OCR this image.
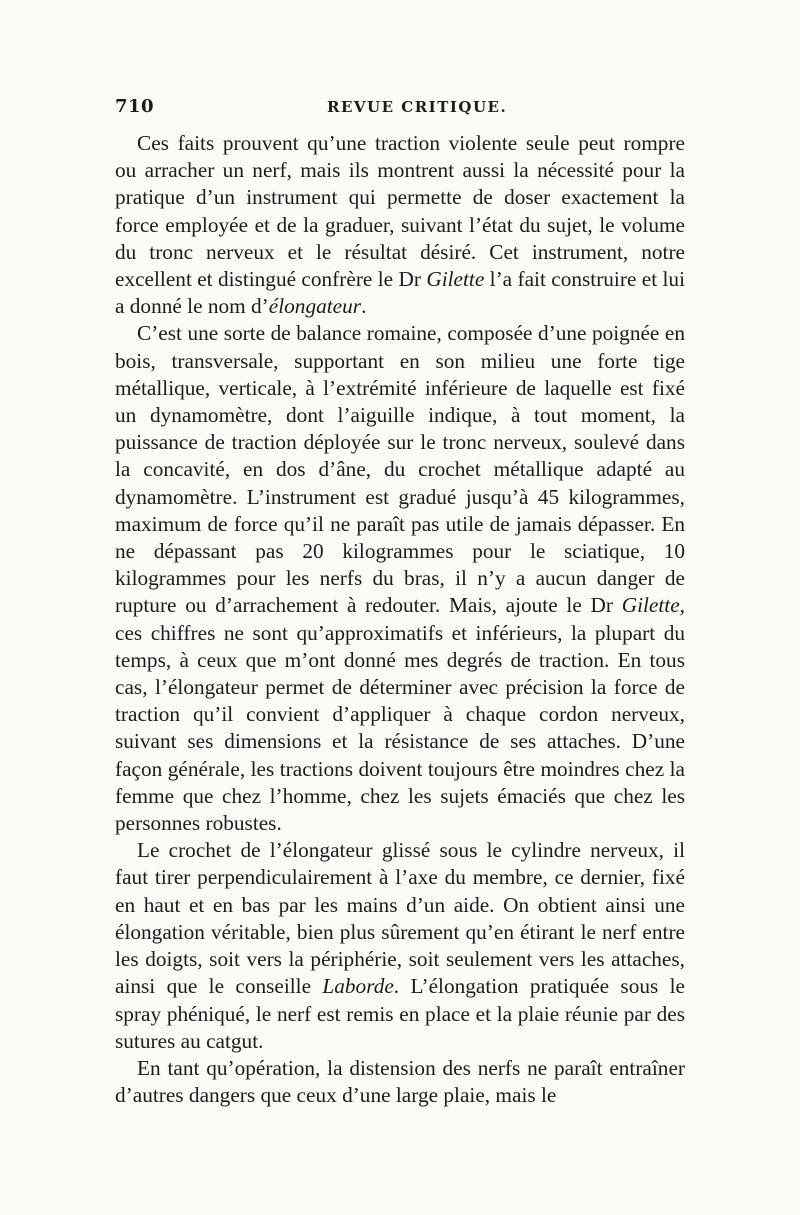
710	REVUE CRITIQUE.

Ces faits prouvent qu’une traction violente seule peut rompre ou arracher un nerf, mais ils montrent aussi la nécessité pour la pratique d’un instrument qui permette de doser exactement la force employée et de la graduer, suivant l’état du sujet, le volume du tronc nerveux et le résultat désiré. Cet instrument, notre excellent et distingué confrère le Dr Gilette l’a fait construire et lui a donné le nom d’élongateur.

C’est une sorte de balance romaine, composée d’une poignée en bois, transversale, supportant en son milieu une forte tige métallique, verticale, à l’extrémité inférieure de laquelle est fixé un dynamomètre, dont l’aiguille indique, à tout moment, la puissance de traction déployée sur le tronc nerveux, soulevé dans la concavité, en dos d’âne, du crochet métallique adapté au dynamomètre. L’instrument est gradué jusqu’à 45 kilogrammes, maximum de force qu’il ne paraît pas utile de jamais dépasser. En ne dépassant pas 20 kilogrammes pour le sciatique, 10 kilogrammes pour les nerfs du bras, il n’y a aucun danger de rupture ou d’arrachement à redouter. Mais, ajoute le Dr Gilette, ces chiffres ne sont qu’approximatifs et inférieurs, la plupart du temps, à ceux que m’ont donné mes degrés de traction. En tous cas, l’élongateur permet de déterminer avec précision la force de traction qu’il convient d’appliquer à chaque cordon nerveux, suivant ses dimensions et la résistance de ses attaches. D’une façon générale, les tractions doivent toujours être moindres chez la femme que chez l’homme, chez les sujets émaciés que chez les personnes robustes.

Le crochet de l’élongateur glissé sous le cylindre nerveux, il faut tirer perpendiculairement à l’axe du membre, ce dernier, fixé en haut et en bas par les mains d’un aide. On obtient ainsi une élongation véritable, bien plus sûrement qu’en étirant le nerf entre les doigts, soit vers la périphérie, soit seulement vers les attaches, ainsi que le conseille Laborde. L’élongation pratiquée sous le spray phéniqué, le nerf est remis en place et la plaie réunie par des sutures au catgut.

En tant qu’opération, la distension des nerfs ne paraît entraîner d’autres dangers que ceux d’une large plaie, mais le
